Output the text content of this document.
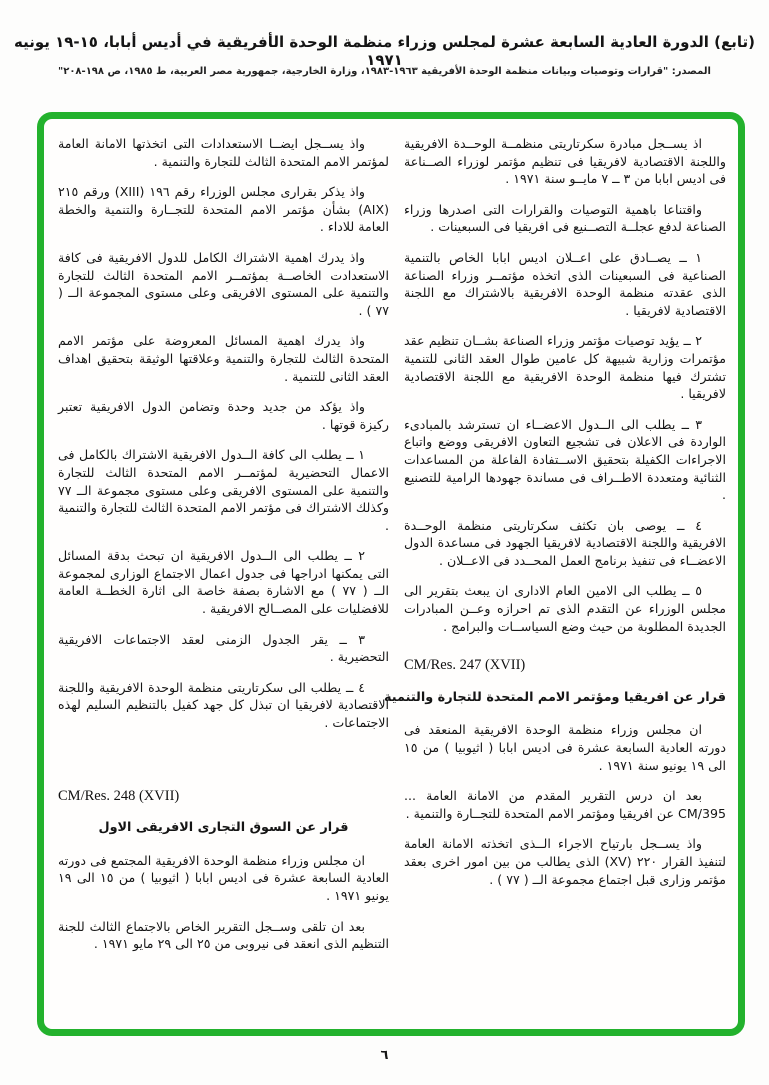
(تابع) الدورة العادية السابعة عشرة لمجلس وزراء منظمة الوحدة الأفريقية في أديس أبابا، ١٥-١٩ يونيه ١٩٧١
المصدر: "قرارات وتوصيات وبيانات منظمة الوحدة الأفريقية ١٩٦٣-١٩٨٣، وزارة الخارجية، جمهورية مصر العربية، ط ١٩٨٥، ص ١٩٨-٢٠٨"

اذ يســجل مبادرة سكرتاريتى منظمــة الوحــدة الافريقية واللجنة الاقتصادية لافريقيا فى تنظيم مؤتمر لوزراء الصــناعة فى اديس ابابا من ٣ ــ ٧ مايــو سنة ١٩٧١ .

واقتناعا باهمية التوصيات والقرارات التى اصدرها وزراء الصناعة لدفع عجلــة التصــنيع فى افريقيا فى السبعينات .

١ ــ يصــادق على اعــلان اديس ابابا الخاص بالتنمية الصناعية فى السبعينات الذى اتخذه مؤتمــر وزراء الصناعة الذى عقدته منظمة الوحدة الافريقية بالاشتراك مع اللجنة الاقتصادية لافريقيا .

٢ ــ يؤيد توصيات مؤتمر وزراء الصناعة بشــان تنظيم عقد مؤتمرات وزارية شبيهة كل عامين طوال العقد الثانى للتنمية تشترك فيها منظمة الوحدة الافريقية مع اللجنة الاقتصادية لافريقيا .

٣ ــ يطلب الى الــدول الاعضــاء ان تسترشد بالمبادىء الواردة فى الاعلان فى تشجيع التعاون الافريقى ووضع واتباع الاجراءات الكفيلة بتحقيق الاســتفادة الفاعلة من المساعدات الثنائية ومتعددة الاطــراف فى مساندة جهودها الرامية للتصنيع .

٤ ــ يوصى بان تكثف سكرتاريتى منظمة الوحــدة الافريقية واللجنة الاقتصادية لافريقيا الجهود فى مساعدة الدول الاعضــاء فى تنفيذ برنامج العمل المحــدد فى الاعــلان .

٥ ــ يطلب الى الامين العام الادارى ان يبعث بتقرير الى مجلس الوزراء عن التقدم الذى تم احرازه وعــن المبادرات الجديدة المطلوبة من حيث وضع السياســات والبرامج .

CM/Res. 247 (XVII)

قرار عن افريقيا ومؤتمر الامم المتحدة للتجارة والتنمية

ان مجلس وزراء منظمة الوحدة الافريقية المنعقد فى دورته العادية السابعة عشرة فى اديس ابابا ( اثيوبيا ) من ١٥ الى ١٩ يونيو سنة ١٩٧١ .

بعد ان درس التقرير المقدم من الامانة العامة ... CM/395 عن افريقيا ومؤتمر الامم المتحدة للتجــارة والتنمية .

واذ يســجل بارتياح الاجراء الــذى اتخذته الامانة العامة لتنفيذ القرار ٢٢٠ (XV) الذى يطالب من بين امور اخرى بعقد مؤتمر وزارى قبل اجتماع مجموعة الــ ( ٧٧ ) .

واذ يســجل ايضــا الاستعدادات التى اتخذتها الامانة العامة لمؤتمر الامم المتحدة الثالث للتجارة والتنمية .

واذ يذكر بقرارى مجلس الوزراء رقم ١٩٦ (XIII) ورقم ٢١٥ (AIX) بشأن مؤتمر الامم المتحدة للتجــارة والتنمية والخطة العامة للاداء .

واذ يدرك اهمية الاشتراك الكامل للدول الافريقية فى كافة الاستعدادت الخاصــة بمؤتمــر الامم المتحدة الثالث للتجارة والتنمية على المستوى الافريقى وعلى مستوى المجموعة الــ ( ٧٧ ) .

واذ يدرك اهمية المسائل المعروضة على مؤتمر الامم المتحدة الثالث للتجارة والتنمية وعلاقتها الوثيقة بتحقيق اهداف العقد الثانى للتنمية .

واذ يؤكد من جديد وحدة وتضامن الدول الافريقية تعتبر ركيزة قوتها .

١ ــ يطلب الى كافة الــدول الافريقية الاشتراك بالكامل فى الاعمال التحضيرية لمؤتمــر الامم المتحدة الثالث للتجارة والتنمية على المستوى الافريقى وعلى مستوى مجموعة الــ ٧٧ وكذلك الاشتراك فى مؤتمر الامم المتحدة الثالث للتجارة والتنمية .

٢ ــ يطلب الى الــدول الافريقية ان تبحث بدقة المسائل التى يمكنها ادراجها فى جدول اعمال الاجتماع الوزارى لمجموعة الــ ( ٧٧ ) مع الاشارة بصفة خاصة الى اثارة الخطــة العامة للافضليات على المصــالح الافريقية .

٣ ــ يقر الجدول الزمنى لعقد الاجتماعات الافريقية التحضيرية .

٤ ــ يطلب الى سكرتاريتى منظمة الوحدة الافريقية واللجنة الاقتصادية لافريقيا ان تبذل كل جهد كفيل بالتنظيم السليم لهذه الاجتماعات .

CM/Res. 248 (XVII)

قرار عن السوق التجارى الافريقى الاول

ان مجلس وزراء منظمة الوحدة الافريقية المجتمع فى دورته العادية السابعة عشرة فى اديس ابابا ( اثيوبيا ) من ١٥ الى ١٩ يونيو ١٩٧١ .

بعد ان تلقى وســجل التقرير الخاص بالاجتماع الثالث للجنة التنظيم الذى انعقد فى نيروبى من ٢٥ الى ٢٩ مايو ١٩٧١ .

٦
